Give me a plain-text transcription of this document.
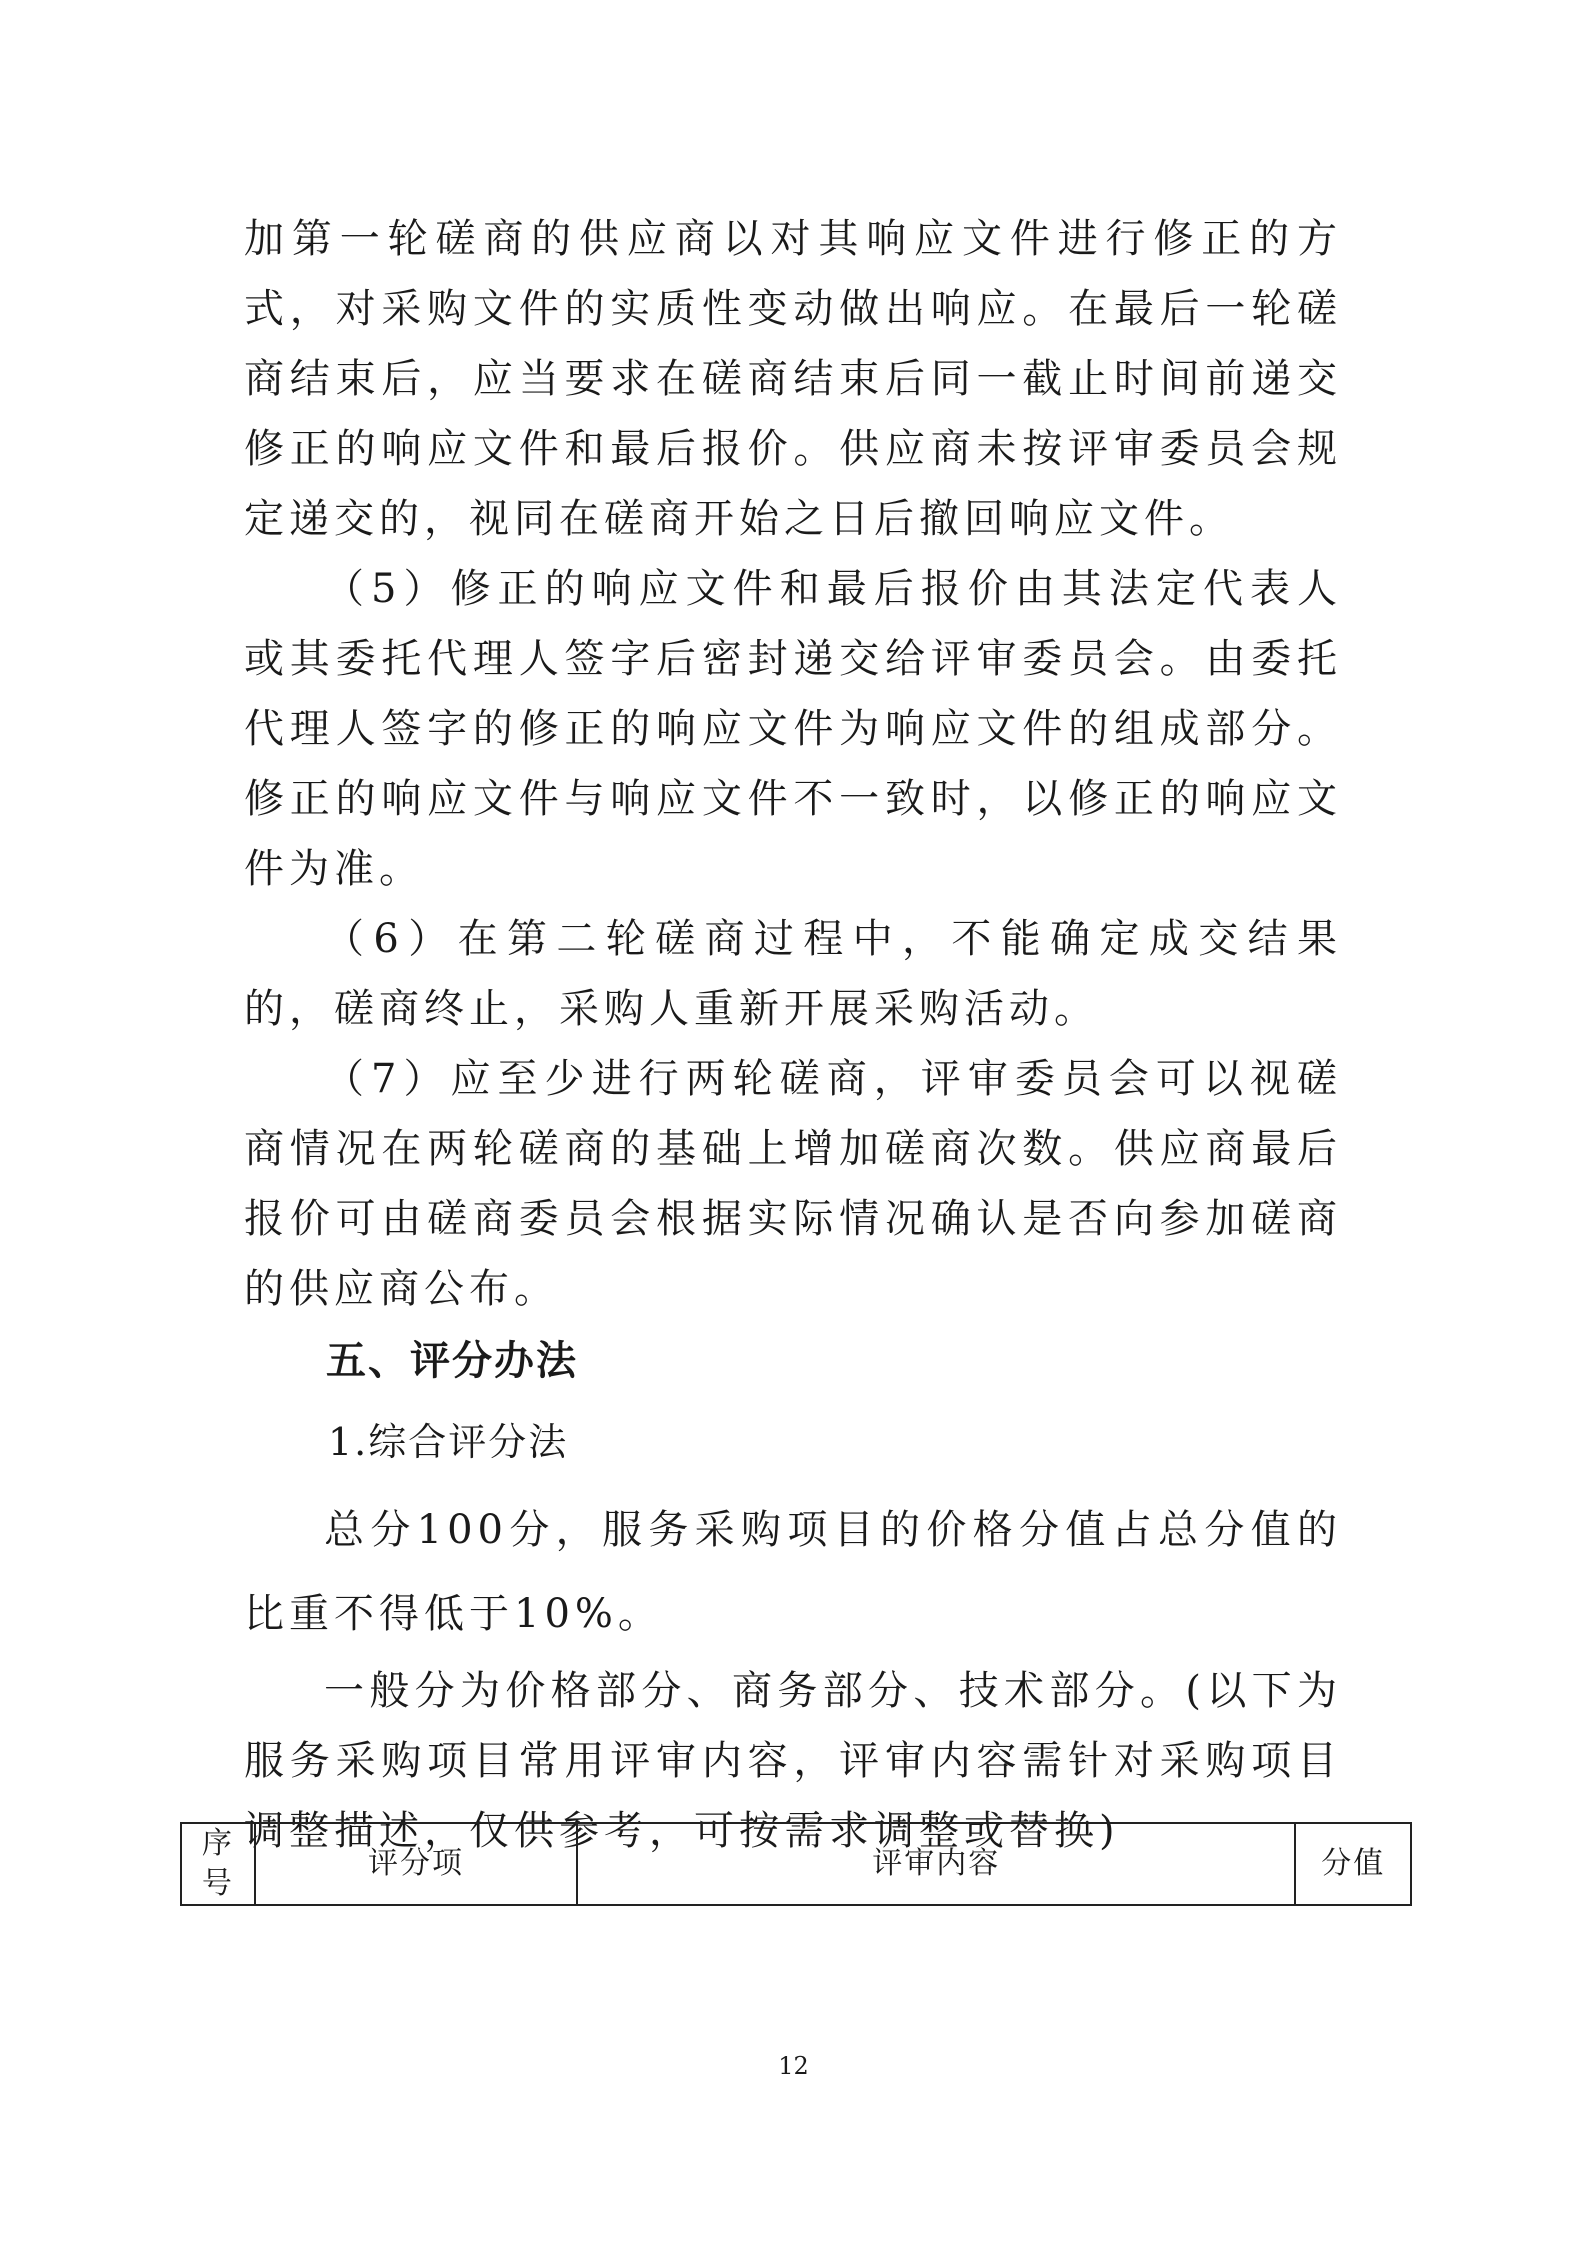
加第一轮磋商的供应商以对其响应文件进行修正的方式，对采购文件的实质性变动做出响应。在最后一轮磋商结束后，应当要求在磋商结束后同一截止时间前递交修正的响应文件和最后报价。供应商未按评审委员会规定递交的，视同在磋商开始之日后撤回响应文件。

（5）修正的响应文件和最后报价由其法定代表人或其委托代理人签字后密封递交给评审委员会。由委托代理人签字的修正的响应文件为响应文件的组成部分。修正的响应文件与响应文件不一致时，以修正的响应文件为准。

（6）在第二轮磋商过程中，不能确定成交结果的，磋商终止，采购人重新开展采购活动。

（7）应至少进行两轮磋商，评审委员会可以视磋商情况在两轮磋商的基础上增加磋商次数。供应商最后报价可由磋商委员会根据实际情况确认是否向参加磋商的供应商公布。

五、评分办法

1.综合评分法

总分100分，服务采购项目的价格分值占总分值的比重不得低于10%。

一般分为价格部分、商务部分、技术部分。(以下为服务采购项目常用评审内容，评审内容需针对采购项目调整描述，仅供参考，可按需求调整或替换)

序
号	评分项	评审内容	分值
12
